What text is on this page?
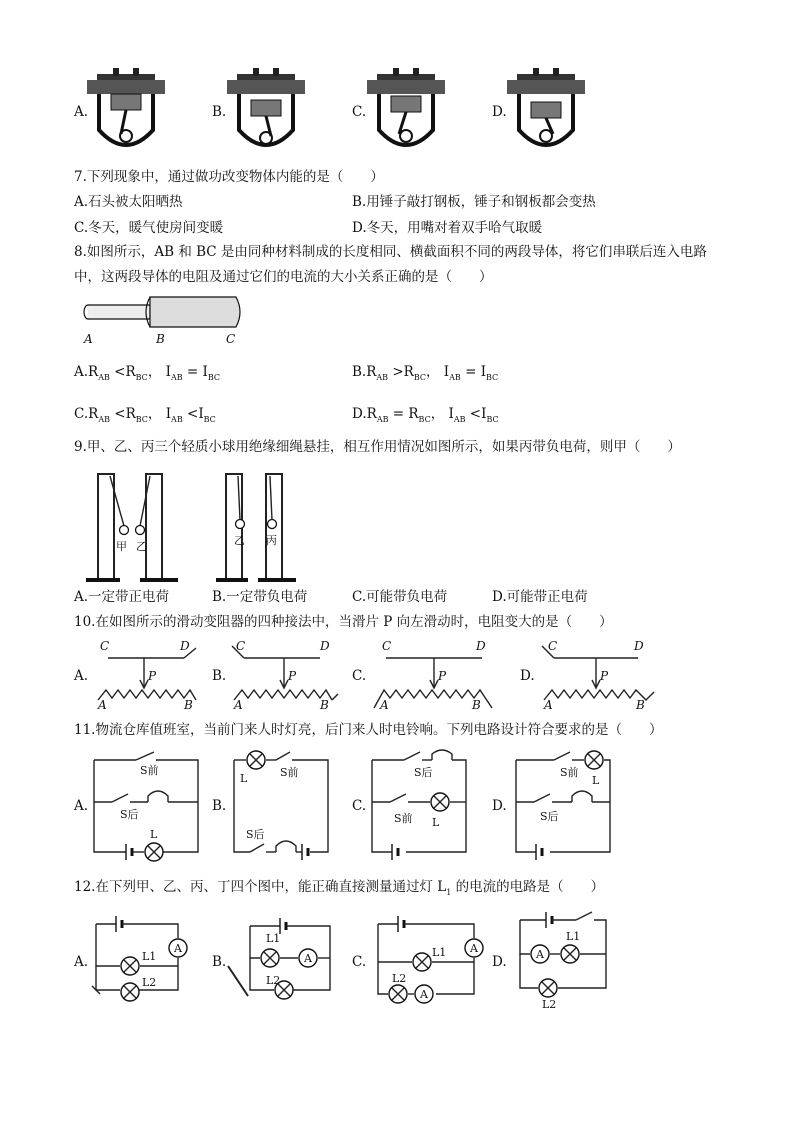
A.	B.	C.	D.
7.下列现象中，通过做功改变物体内能的是（　　）
A.石头被太阳晒热	B.用锤子敲打钢板，锤子和钢板都会变热
C.冬天，暖气使房间变暖	D.冬天，用嘴对着双手哈气取暖
8.如图所示，AB 和 BC 是由同种材料制成的长度相同、横截面积不同的两段导体，将它们串联后连入电路
中，这两段导体的电阻及通过它们的电流的大小关系正确的是（　　）
A	B	C
$A.R_{AB} <R_{BC}$， $I_{AB} = I_{BC}$	$B.R_{AB} >R_{BC}$， $I_{AB} = I_{BC}$
$C.R_{AB} <R_{BC}$， $I_{AB} <I_{BC}$	$D.R_{AB} = R_{BC}$， $I_{AB} <I_{BC}$
9.甲、乙、丙三个轻质小球用绝缘细绳悬挂，相互作用情况如图所示，如果丙带负电荷，则甲（　　）
甲 乙	乙 丙
A.一定带正电荷	B.一定带负电荷	C.可能带负电荷	D.可能带正电荷
10.在如图所示的滑动变阻器的四种接法中，当滑片 P 向左滑动时，电阻变大的是（　　）
A.	B.	C.	D.
C	D
P
A	B
C	D
P
A	B
C	D
P
A	B
C	D
P
A	B
11.物流仓库值班室，当前门来人时灯亮，后门来人时电铃响。下列电路设计符合要求的是（　　）
A.	B.	C.	D.
S前
L
S后
L	S前
S后
S后
S前 L
S前
L
S后
12.在下列甲、乙、丙、丁四个图中，能正确直接测量通过灯 $L_1$ 的电流的电路是（　　）
A.	B.	C.	D.
A
L1
L2
A
L1
L2
A
L1
A
L2
A
L1
L2
